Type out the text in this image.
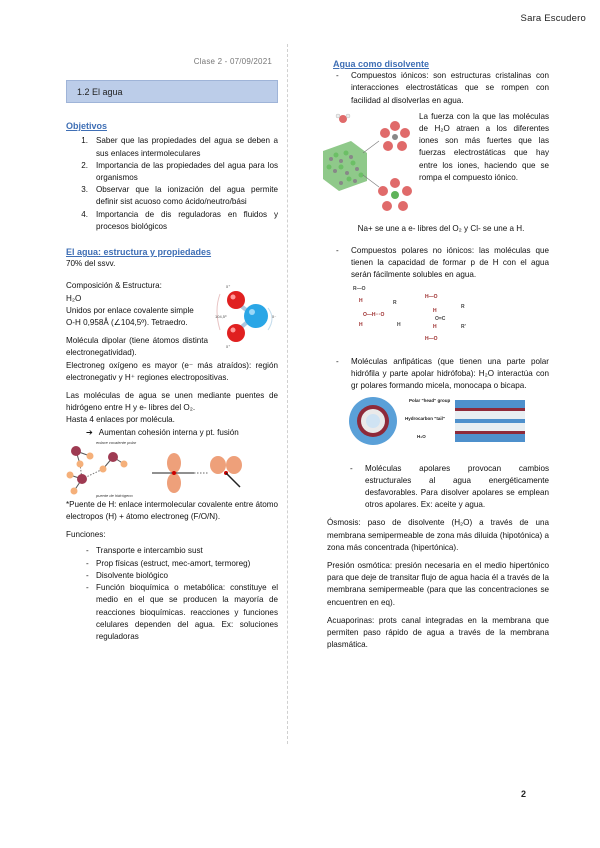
Sara Escudero
Clase 2 - 07/09/2021
1.2 El agua
Objetivos
1. Saber que las propiedades del agua se deben a sus enlaces intermoleculares
2. Importancia de las propiedades del agua para los organismos
3. Observar que la ionización del agua permite definir sist acuoso como ácido/neutro/bási
4. Importancia de dis reguladoras en fluidos y procesos biológicos
El agua: estructura y propiedades

70% del ssvv.

104,5º
δ⁺
δ⁺
δ⁻

Composición & Estructura:

H₂O

Unidos por enlace covalente simple

O-H 0,958Å (∠104,5º). Tetraedro.

Molécula dipolar (tiene átomos distinta electronegatividad).

Electroneg oxígeno es mayor (e⁻ más atraídos): región electronegativ y H⁺ regiones electropositivas.

Las moléculas de agua se unen mediante puentes de hidrógeno entre H y e- libres del O₂.

Hasta 4 enlaces por molécula.

➔ Aumentan cohesión interna y pt. fusión
enlace covalente polar
puente de hidrógeno

*Puente de H: enlace intermolecular covalente entre átomo electropos (H) + átomo electroneg (F/O/N).

Funciones:

- Transporte e intercambio sust
- Prop físicas (estruct, mec-amort, termoreg)
- Disolvente biológico
- Función bioquímica o metabólica: constituye el medio en el que se producen la mayoría de reacciones bioquímicas. reacciones y funciones celulares dependen del agua. Ex: soluciones reguladoras
Agua como disolvente
-	Compuestos iónicos: son estructuras cristalinas con interacciones electrostáticas que se rompen con facilidad al disolverlas en agua.

La fuerza con la que las moléculas de H₂O atraen a los diferentes iones son más fuertes que las fuerzas electrostáticas que hay entre los iones, haciendo que se rompa el compuesto iónico.

Na+ se une a e- libres del O₂ y Cl- se une a H.

-	Compuestos polares no iónicos: las moléculas que tienen la capacidad de formar p de H con el agua serán fácilmente solubles en agua.
R—O
H
O—H···O
R
H
H
H—O
H
O=C
R
R'
H
H—O
-	Moléculas anfipáticas (que tienen una parte polar hidrófila y parte apolar hidrófoba): H₂O interactúa con gr polares formando micela, monocapa o bicapa.
Polar "head" group
Hydrocarbon "tail"
H₂O
-	Moléculas apolares provocan cambios estructurales al agua energéticamente desfavorables. Para disolver apolares se emplean otros apolares. Ex: aceite y agua.

Ósmosis: paso de disolvente (H₂O) a través de una membrana semipermeable de zona más diluida (hipotónica) a zona más concentrada (hipertónica).

Presión osmótica: presión necesaria en el medio hipertónico para que deje de transitar flujo de agua hacia él a través de la membrana semipermeable (para que las concentraciones se encuentren en eq).

Acuaporinas: prots canal integradas en la membrana que permiten paso rápido de agua a través de la membrana plasmática.

2
